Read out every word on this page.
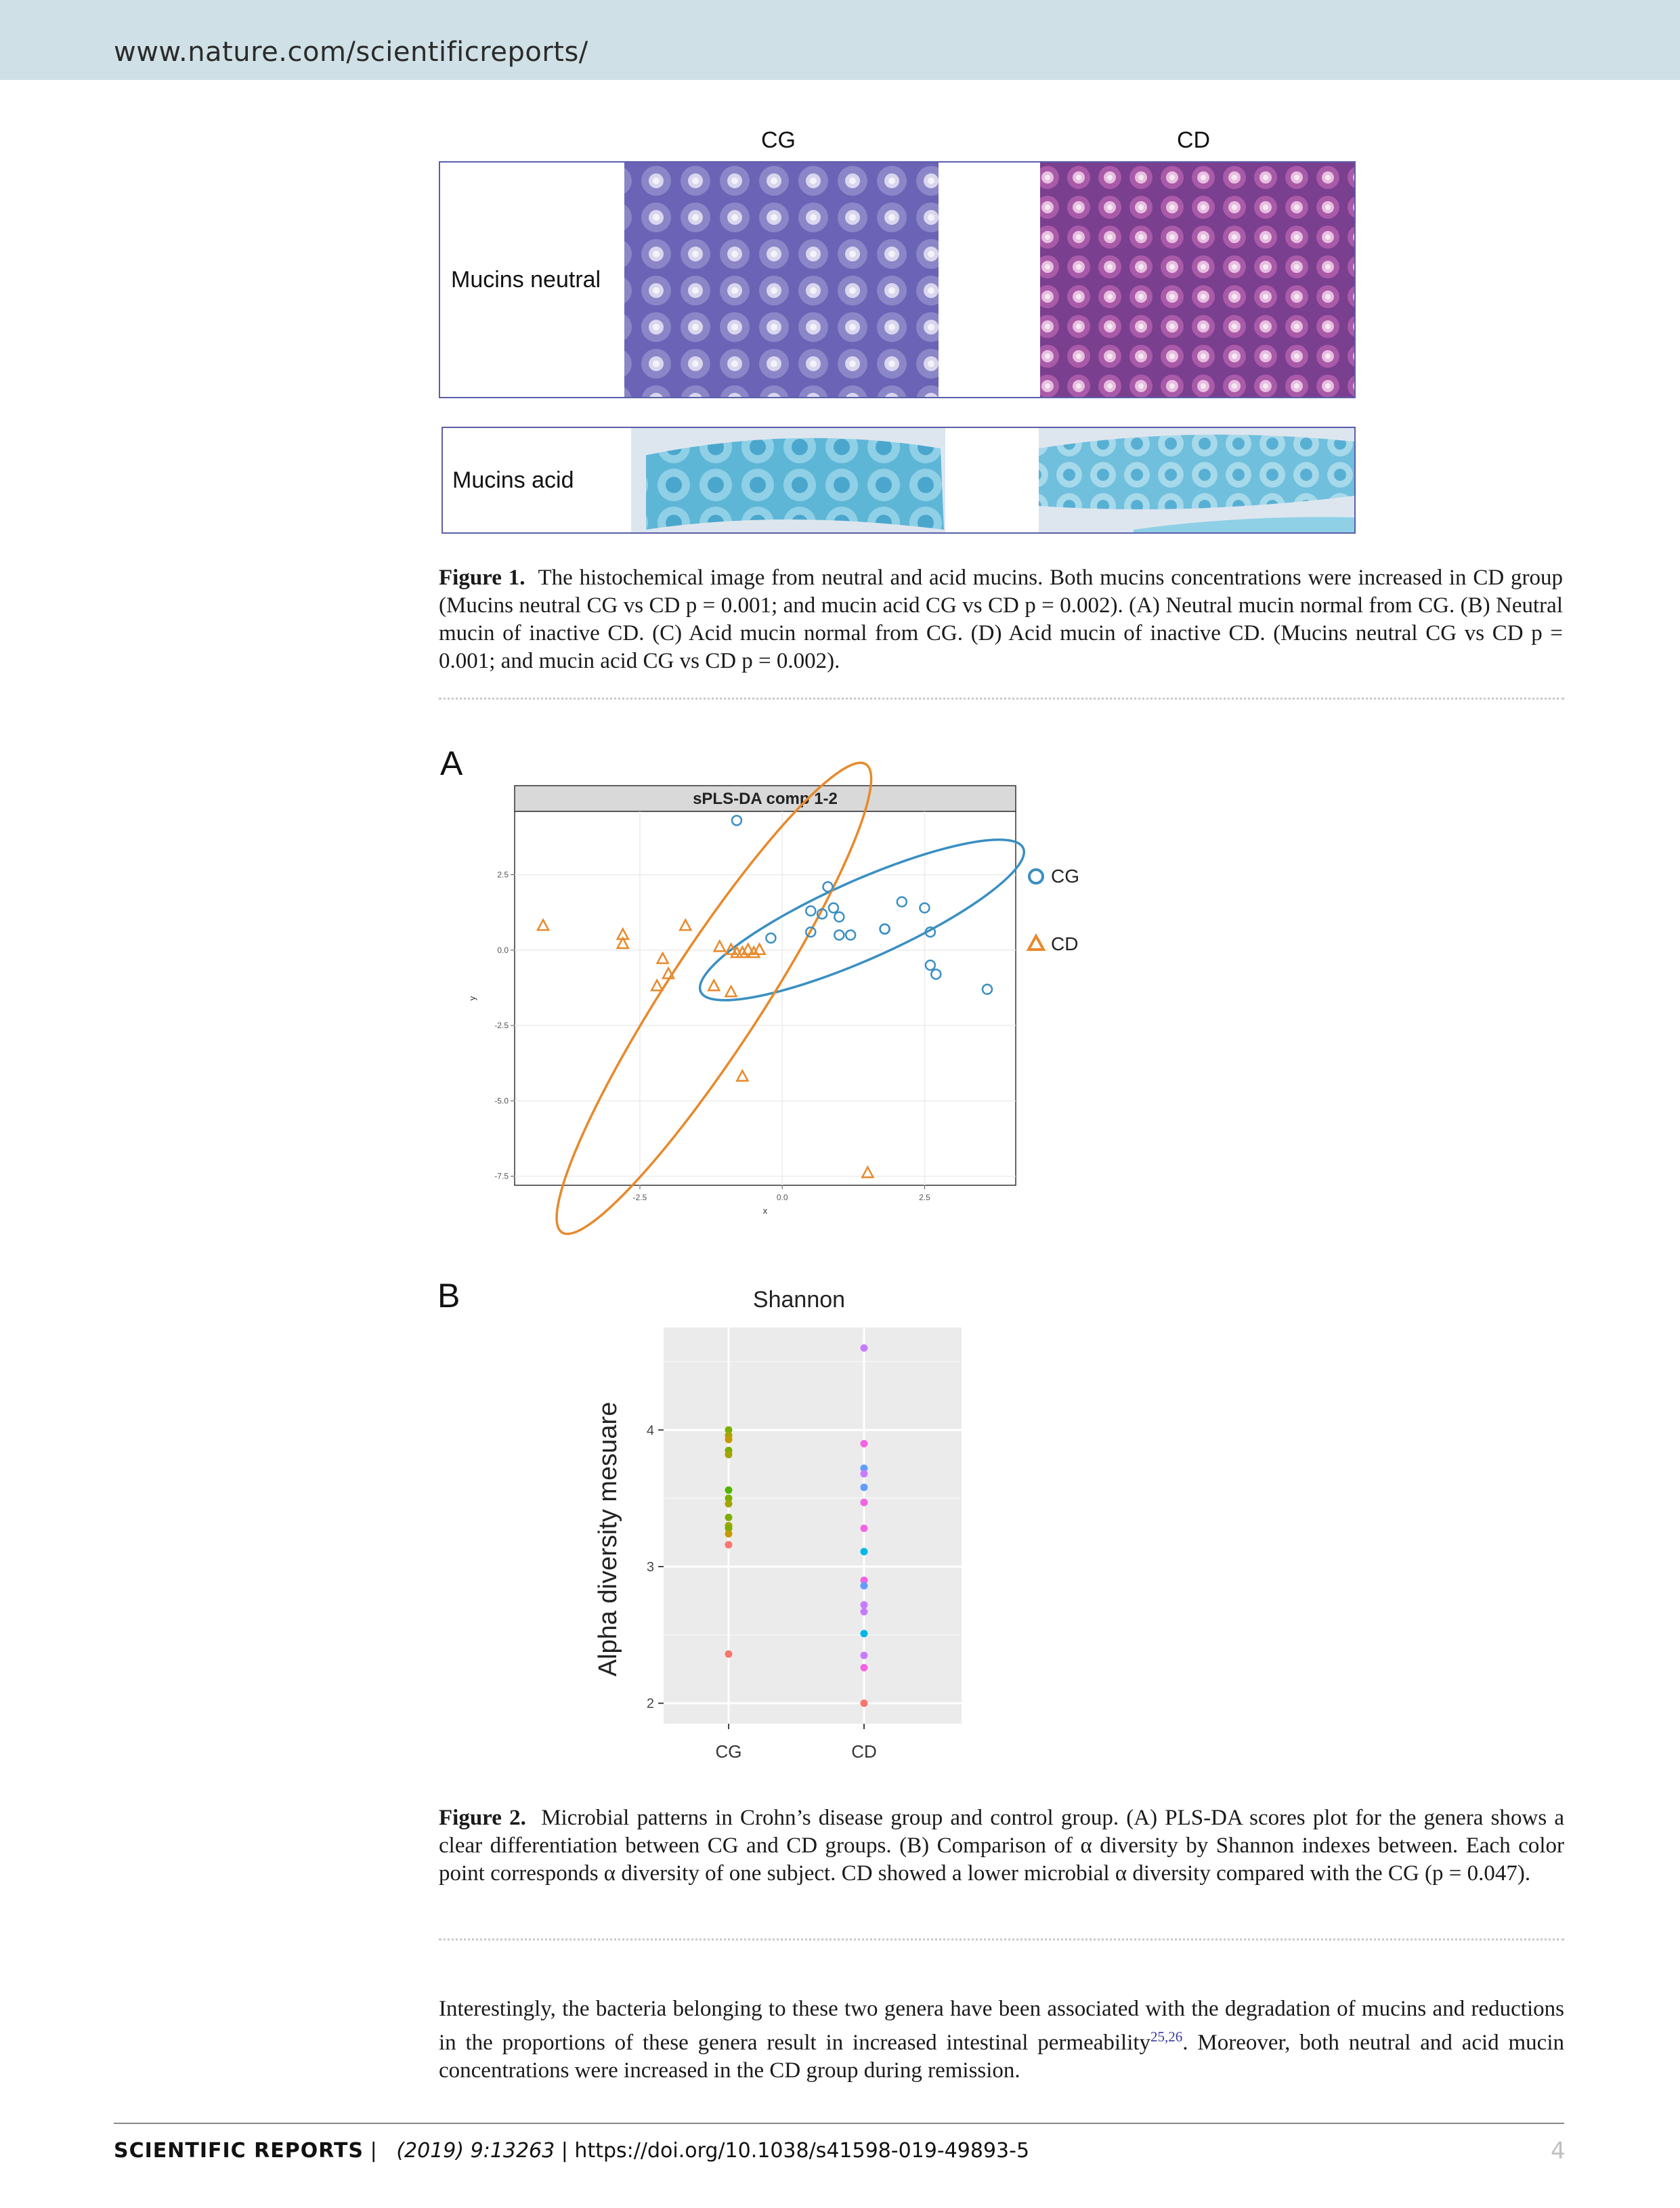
www.nature.com/scientificreports/
CG	CD
Mucins neutral
Mucins acid
Figure 1. The histochemical image from neutral and acid mucins. Both mucins concentrations were increased in CD group (Mucins neutral CG vs CD p = 0.001; and mucin acid CG vs CD p = 0.002). (A) Neutral mucin normal from CG. (B) Neutral mucin of inactive CD. (C) Acid mucin normal from CG. (D) Acid mucin of inactive CD. (Mucins neutral CG vs CD p = 0.001; and mucin acid CG vs CD p = 0.002).
A
sPLS-DA comp 1-2
-2.5	0.0	2.5
2.5
0.0
-2.5
-5.0
-7.5
x
y
CG
CD
B	Shannon
2
3
4
CG	CD
Alpha diversity mesuare
Figure 2. Microbial patterns in Crohn’s disease group and control group. (A) PLS-DA scores plot for the genera shows a clear differentiation between CG and CD groups. (B) Comparison of α diversity by Shannon indexes between. Each color point corresponds α diversity of one subject. CD showed a lower microbial α diversity compared with the CG (p = 0.047).
Interestingly, the bacteria belonging to these two genera have been associated with the degradation of mucins and reductions in the proportions of these genera result in increased intestinal permeability$^{25,26}$. Moreover, both neutral and acid mucin concentrations were increased in the CD group during remission.
SCIENTIFIC REPORTS | (2019) 9:13263 | https://doi.org/10.1038/s41598-019-49893-5	4
